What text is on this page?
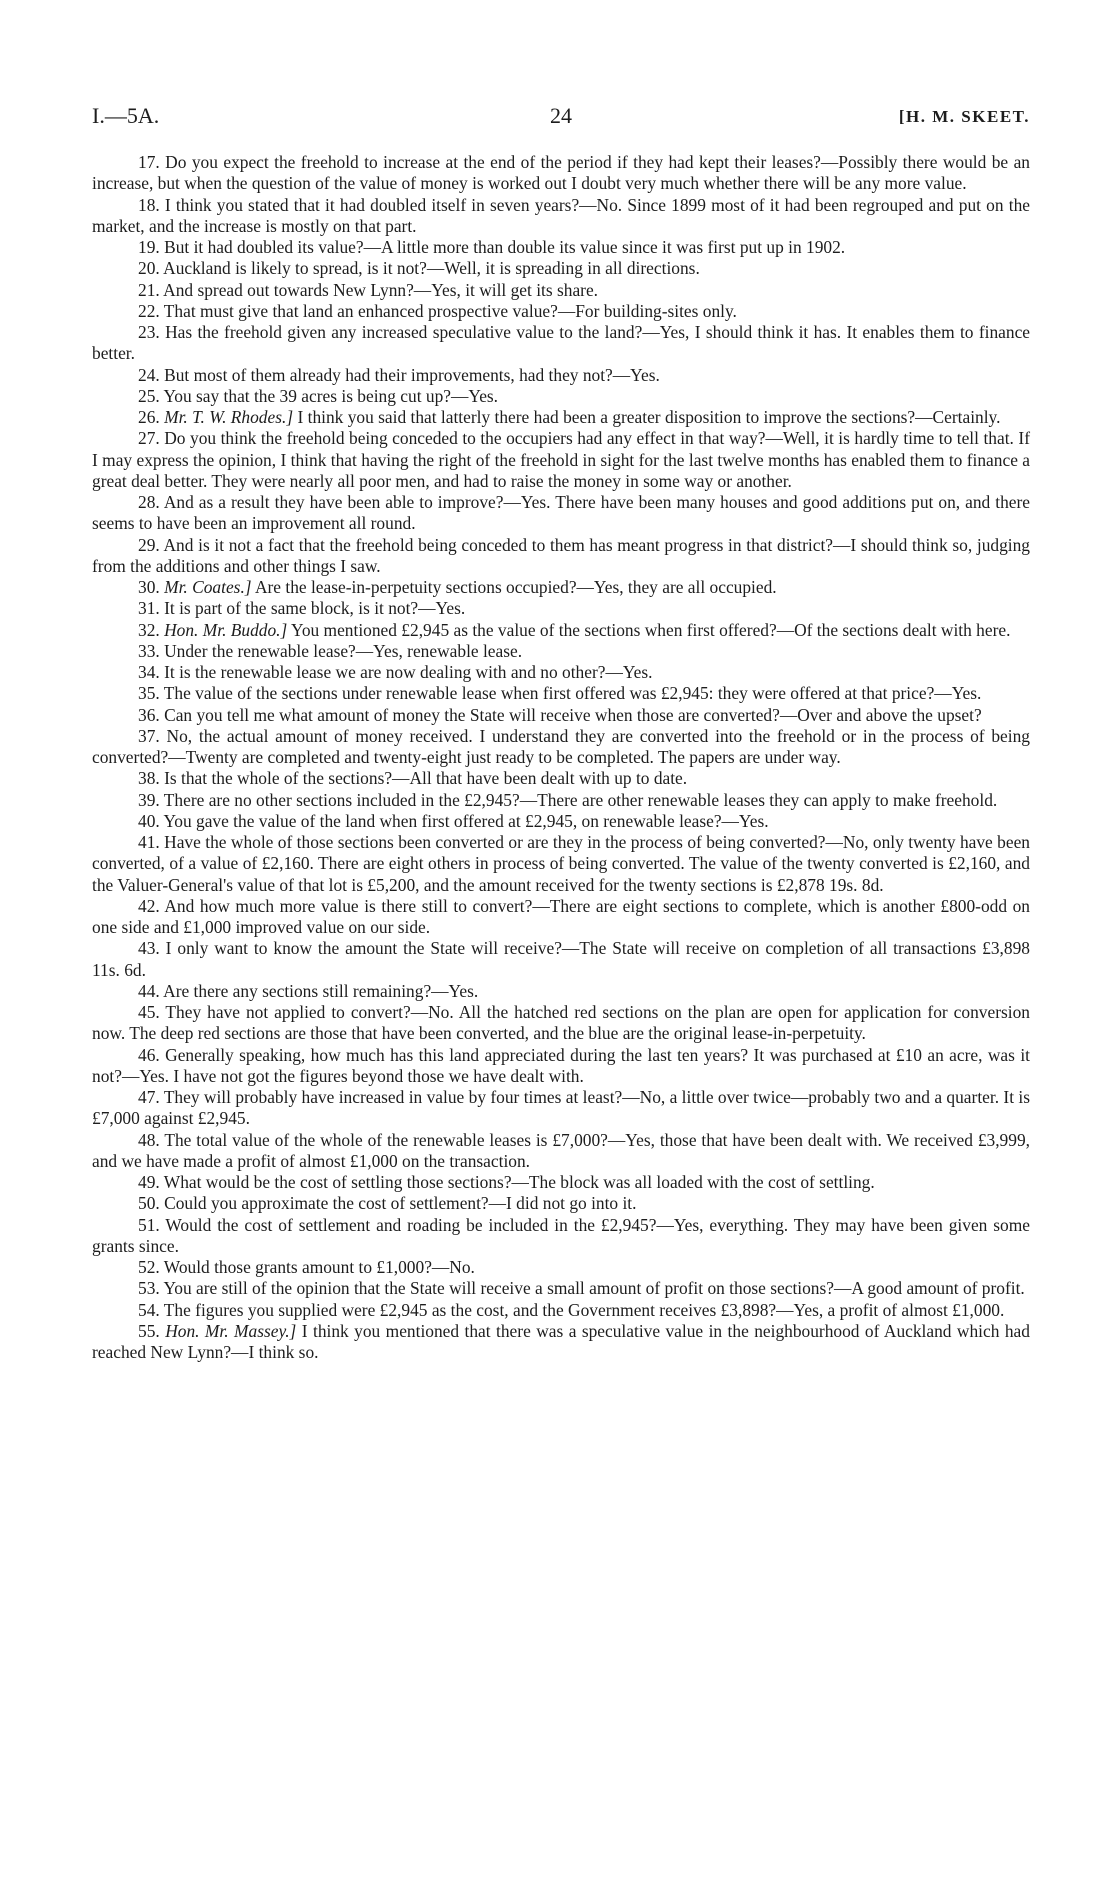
I.—5A.	24	[H. M. SKEET.

17. Do you expect the freehold to increase at the end of the period if they had kept their leases?—Possibly there would be an increase, but when the question of the value of money is worked out I doubt very much whether there will be any more value.

18. I think you stated that it had doubled itself in seven years?—No. Since 1899 most of it had been regrouped and put on the market, and the increase is mostly on that part.

19. But it had doubled its value?—A little more than double its value since it was first put up in 1902.

20. Auckland is likely to spread, is it not?—Well, it is spreading in all directions.

21. And spread out towards New Lynn?—Yes, it will get its share.

22. That must give that land an enhanced prospective value?—For building-sites only.

23. Has the freehold given any increased speculative value to the land?—Yes, I should think it has. It enables them to finance better.

24. But most of them already had their improvements, had they not?—Yes.

25. You say that the 39 acres is being cut up?—Yes.

26. Mr. T. W. Rhodes.] I think you said that latterly there had been a greater disposition to improve the sections?—Certainly.

27. Do you think the freehold being conceded to the occupiers had any effect in that way?—Well, it is hardly time to tell that. If I may express the opinion, I think that having the right of the freehold in sight for the last twelve months has enabled them to finance a great deal better. They were nearly all poor men, and had to raise the money in some way or another.

28. And as a result they have been able to improve?—Yes. There have been many houses and good additions put on, and there seems to have been an improvement all round.

29. And is it not a fact that the freehold being conceded to them has meant progress in that district?—I should think so, judging from the additions and other things I saw.

30. Mr. Coates.] Are the lease-in-perpetuity sections occupied?—Yes, they are all occupied.

31. It is part of the same block, is it not?—Yes.

32. Hon. Mr. Buddo.] You mentioned £2,945 as the value of the sections when first offered?—Of the sections dealt with here.

33. Under the renewable lease?—Yes, renewable lease.

34. It is the renewable lease we are now dealing with and no other?—Yes.

35. The value of the sections under renewable lease when first offered was £2,945: they were offered at that price?—Yes.

36. Can you tell me what amount of money the State will receive when those are converted?—Over and above the upset?

37. No, the actual amount of money received. I understand they are converted into the freehold or in the process of being converted?—Twenty are completed and twenty-eight just ready to be completed. The papers are under way.

38. Is that the whole of the sections?—All that have been dealt with up to date.

39. There are no other sections included in the £2,945?—There are other renewable leases they can apply to make freehold.

40. You gave the value of the land when first offered at £2,945, on renewable lease?—Yes.

41. Have the whole of those sections been converted or are they in the process of being converted?—No, only twenty have been converted, of a value of £2,160. There are eight others in process of being converted. The value of the twenty converted is £2,160, and the Valuer-General's value of that lot is £5,200, and the amount received for the twenty sections is £2,878 19s. 8d.

42. And how much more value is there still to convert?—There are eight sections to complete, which is another £800-odd on one side and £1,000 improved value on our side.

43. I only want to know the amount the State will receive?—The State will receive on completion of all transactions £3,898 11s. 6d.

44. Are there any sections still remaining?—Yes.

45. They have not applied to convert?—No. All the hatched red sections on the plan are open for application for conversion now. The deep red sections are those that have been converted, and the blue are the original lease-in-perpetuity.

46. Generally speaking, how much has this land appreciated during the last ten years? It was purchased at £10 an acre, was it not?—Yes. I have not got the figures beyond those we have dealt with.

47. They will probably have increased in value by four times at least?—No, a little over twice—probably two and a quarter. It is £7,000 against £2,945.

48. The total value of the whole of the renewable leases is £7,000?—Yes, those that have been dealt with. We received £3,999, and we have made a profit of almost £1,000 on the transaction.

49. What would be the cost of settling those sections?—The block was all loaded with the cost of settling.

50. Could you approximate the cost of settlement?—I did not go into it.

51. Would the cost of settlement and roading be included in the £2,945?—Yes, everything. They may have been given some grants since.

52. Would those grants amount to £1,000?—No.

53. You are still of the opinion that the State will receive a small amount of profit on those sections?—A good amount of profit.

54. The figures you supplied were £2,945 as the cost, and the Government receives £3,898?—Yes, a profit of almost £1,000.

55. Hon. Mr. Massey.] I think you mentioned that there was a speculative value in the neighbourhood of Auckland which had reached New Lynn?—I think so.
